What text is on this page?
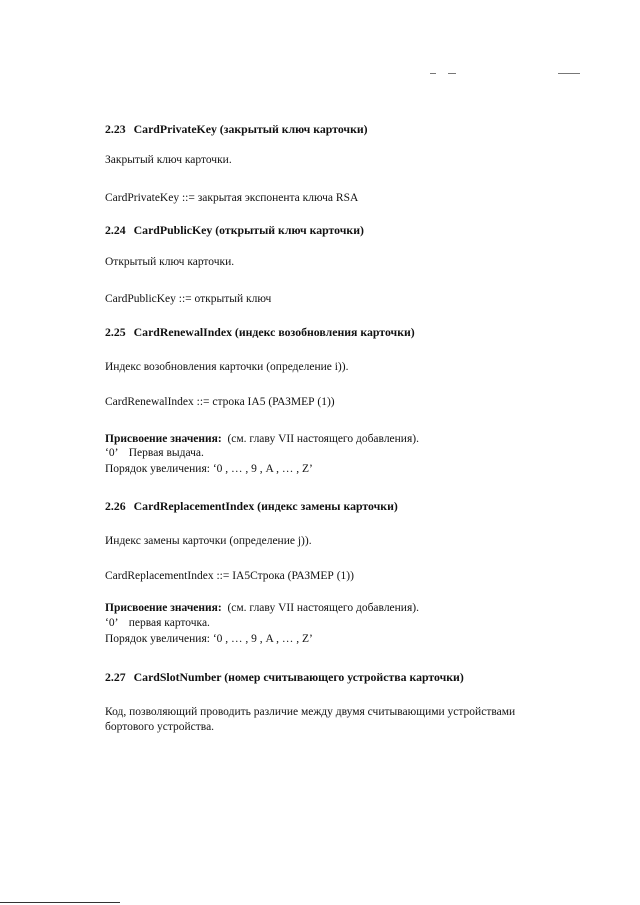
2.23 CardPrivateKey (закрытый ключ карточки)
Закрытый ключ карточки.
CardPrivateKey ::= закрытая экспонента ключа RSA
2.24 CardPublicKey (открытый ключ карточки)
Открытый ключ карточки.
CardPublicKey ::= открытый ключ
2.25 CardRenewalIndex (индекс возобновления карточки)
Индекс возобновления карточки (определение i)).
CardRenewalIndex ::= строка IA5 (РАЗМЕР (1))
Присвоение значения: (см. главу VII настоящего добавления).
‘0’ Первая выдача.
Порядок увеличения: ‘0 , … , 9 , A , … , Z’
2.26 CardReplacementIndex (индекс замены карточки)
Индекс замены карточки (определение j)).
CardReplacementIndex ::= IA5Строка (РАЗМЕР (1))
Присвоение значения: (см. главу VII настоящего добавления).
‘0’ первая карточка.
Порядок увеличения: ‘0 , … , 9 , A , … , Z’
2.27 CardSlotNumber (номер считывающего устройства карточки)
Код, позволяющий проводить различие между двумя считывающими устройствами
бортового устройства.
